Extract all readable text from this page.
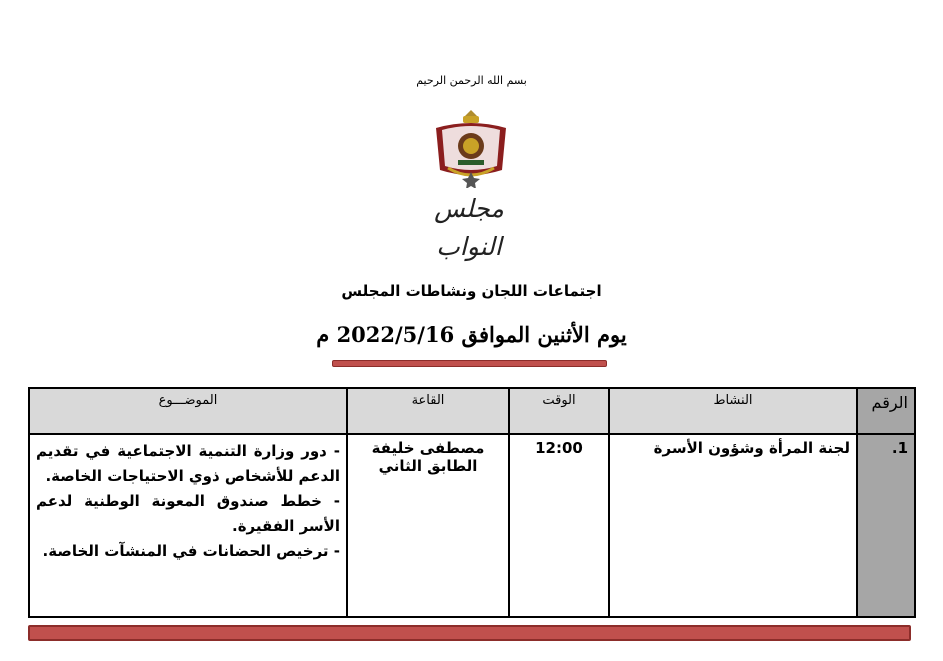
بسم الله الرحمن الرحيم
مجلس النواب
اجتماعات اللجان ونشاطات المجلس
يوم الأثنين الموافق 2022/5/16 م
الرقم	النشاط	الوقت	القاعة	الموضـــوع
1.	لجنة المرأة وشؤون الأسرة	12:00	مصطفى خليفة الطابق الثاني	- دور وزارة التنمية الاجتماعية في تقديم الدعم للأشخاص ذوي الاحتياجات الخاصة.
- خطط صندوق المعونة الوطنية لدعم الأسر الفقيرة.
- ترخيص الحضانات في المنشآت الخاصة.
